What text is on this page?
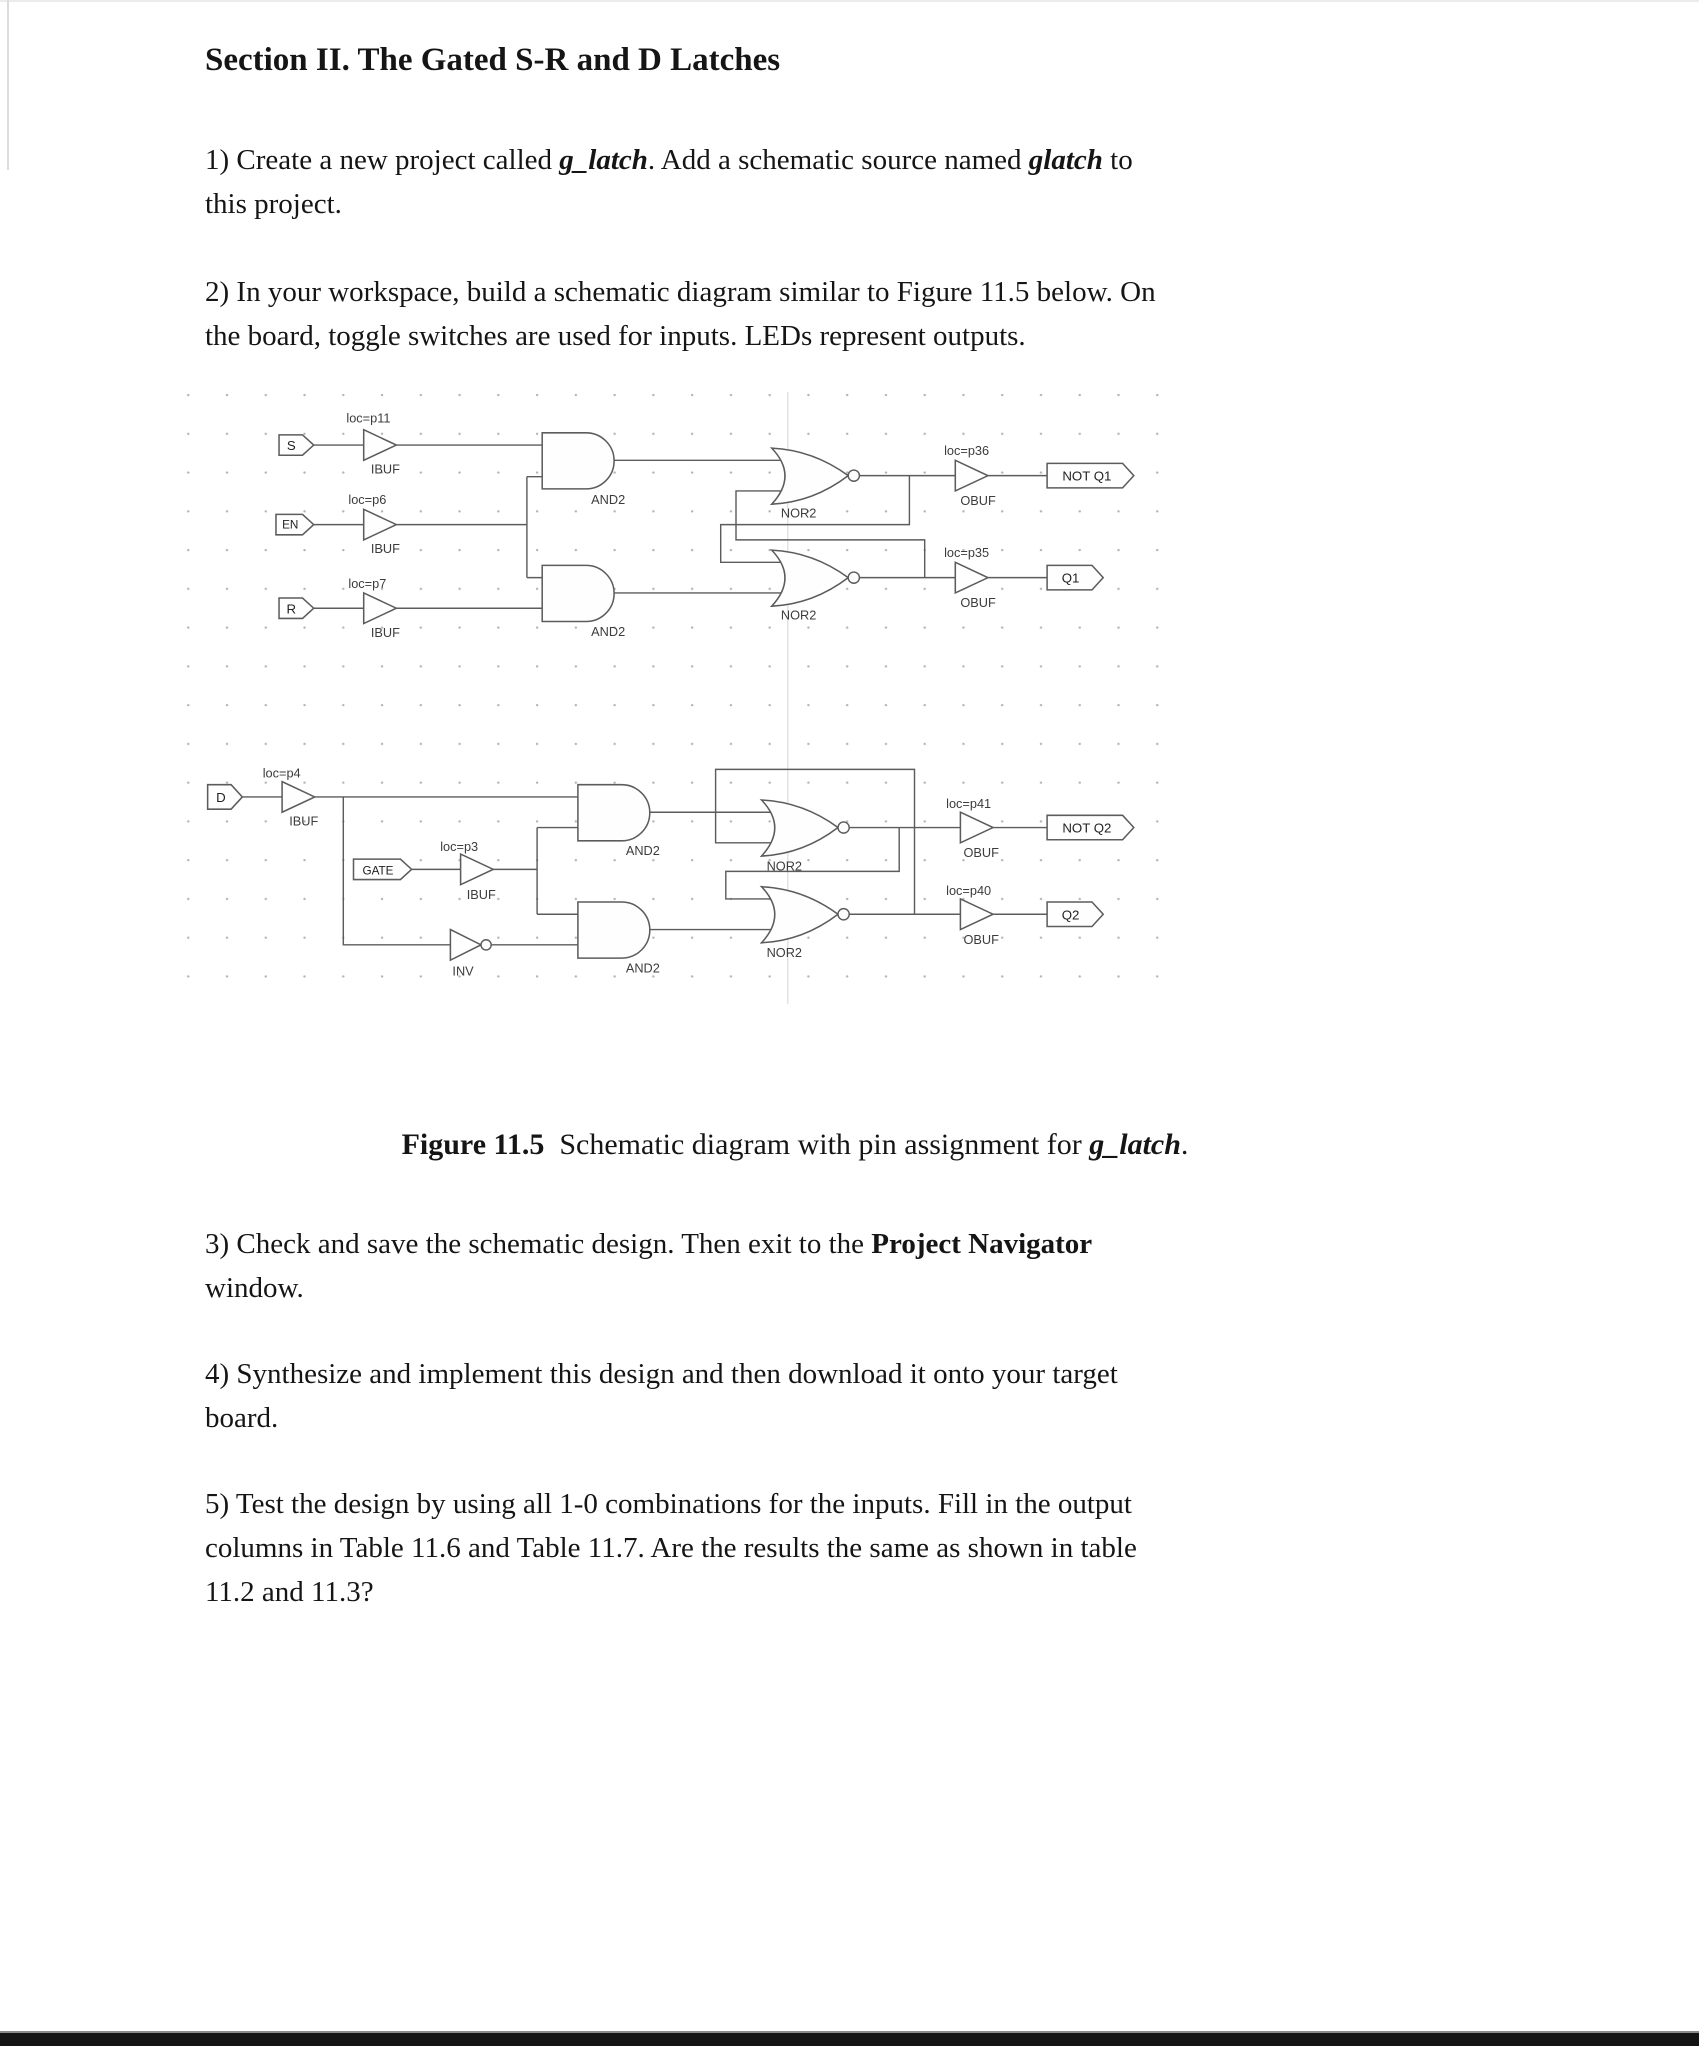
Section II. The Gated S-R and D Latches
1) Create a new project called g_latch. Add a schematic source named glatch to
this project.
2) In your workspace, build a schematic diagram similar to Figure 11.5 below. On
the board, toggle switches are used for inputs. LEDs represent outputs.
S
EN
R
D
GATE
NOT Q1
Q1
NOT Q2
Q2
loc=p11
IBUF
loc=p6
IBUF
loc=p7
IBUF
AND2
AND2
NOR2
NOR2
loc=p36
OBUF
loc=p35
OBUF
loc=p4
IBUF
loc=p3
IBUF
INV
AND2
AND2
NOR2
NOR2
loc=p41
OBUF
loc=p40
OBUF

Figure 11.5  Schematic diagram with pin assignment for g_latch.

3) Check and save the schematic design. Then exit to the Project Navigator
window.
4) Synthesize and implement this design and then download it onto your target
board.
5) Test the design by using all 1-0 combinations for the inputs. Fill in the output
columns in Table 11.6 and Table 11.7. Are the results the same as shown in table
11.2 and 11.3?
